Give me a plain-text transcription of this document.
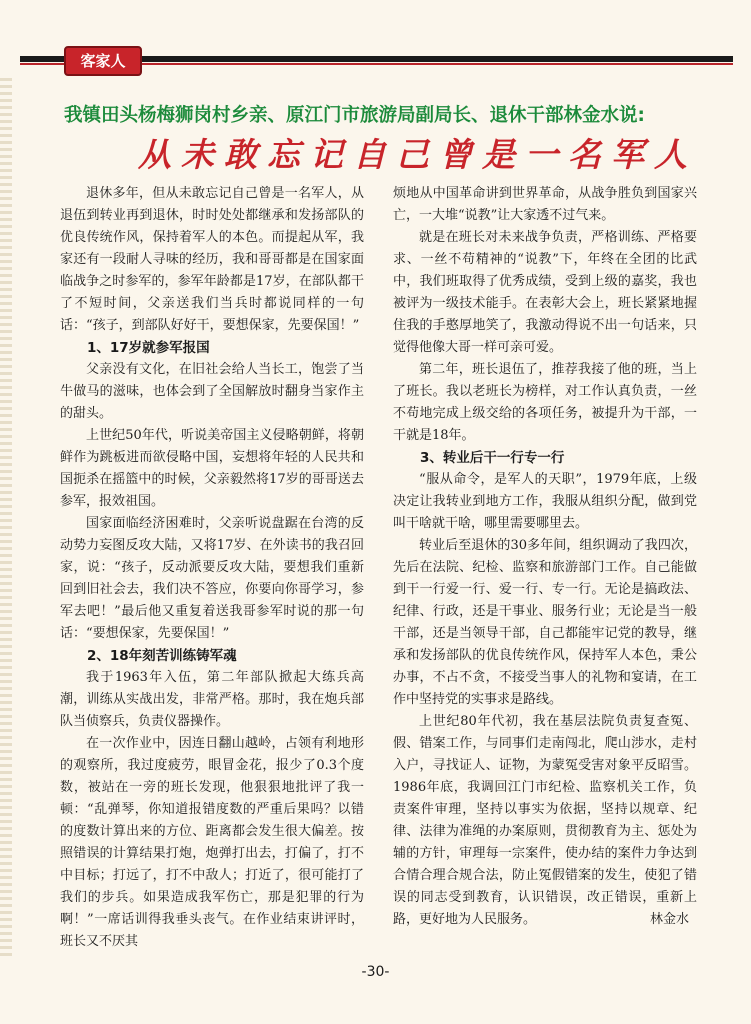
客家人
我镇田头杨梅狮岗村乡亲、原江门市旅游局副局长、退休干部林金水说:
从未敢忘记自己曾是一名军人

退休多年，但从未敢忘记自己曾是一名军人，从退伍到转业再到退休，时时处处都继承和发扬部队的优良传统作风，保持着军人的本色。而提起从军，我家还有一段耐人寻味的经历，我和哥哥都是在国家面临战争之时参军的，参军年龄都是17岁，在部队都干了不短时间，父亲送我们当兵时都说同样的一句话：“孩子，到部队好好干，要想保家，先要保国！”

1、17岁就参军报国

父亲没有文化，在旧社会给人当长工，饱尝了当牛做马的滋味，也体会到了全国解放时翻身当家作主的甜头。

上世纪50年代，听说美帝国主义侵略朝鲜，将朝鲜作为跳板进而欲侵略中国，妄想将年轻的人民共和国扼杀在摇篮中的时候，父亲毅然将17岁的哥哥送去参军，报效祖国。

国家面临经济困难时，父亲听说盘踞在台湾的反动势力妄图反攻大陆，又将17岁、在外读书的我召回家，说：“孩子，反动派要反攻大陆，要想我们重新回到旧社会去，我们决不答应，你要向你哥学习，参军去吧！”最后他又重复着送我哥参军时说的那一句话：“要想保家，先要保国！”

2、18年刻苦训练铸军魂

我于1963年入伍，第二年部队掀起大练兵高潮，训练从实战出发，非常严格。那时，我在炮兵部队当侦察兵，负责仪器操作。

在一次作业中，因连日翻山越岭，占领有利地形的观察所，我过度疲劳，眼冒金花，报少了0.3个度数，被站在一旁的班长发现，他狠狠地批评了我一顿：“乱弹琴，你知道报错度数的严重后果吗？以错的度数计算出来的方位、距离都会发生很大偏差。按照错误的计算结果打炮，炮弹打出去，打偏了，打不中目标；打远了，打不中敌人；打近了，很可能打了我们的步兵。如果造成我军伤亡，那是犯罪的行为啊！”一席话训得我垂头丧气。在作业结束讲评时，班长又不厌其

烦地从中国革命讲到世界革命，从战争胜负到国家兴亡，一大堆“说教”让大家透不过气来。

就是在班长对未来战争负责，严格训练、严格要求、一丝不苟精神的“说教”下，年终在全团的比武中，我们班取得了优秀成绩，受到上级的嘉奖，我也被评为一级技术能手。在表彰大会上，班长紧紧地握住我的手憨厚地笑了，我激动得说不出一句话来，只觉得他像大哥一样可亲可爱。

第二年，班长退伍了，推荐我接了他的班，当上了班长。我以老班长为榜样，对工作认真负责，一丝不苟地完成上级交给的各项任务，被提升为干部，一干就是18年。

3、转业后干一行专一行

“服从命令，是军人的天职”，1979年底，上级决定让我转业到地方工作，我服从组织分配，做到党叫干啥就干啥，哪里需要哪里去。

转业后至退休的30多年间，组织调动了我四次，先后在法院、纪检、监察和旅游部门工作。自己能做到干一行爱一行、爱一行、专一行。无论是搞政法、纪律、行政，还是干事业、服务行业；无论是当一般干部，还是当领导干部，自己都能牢记党的教导，继承和发扬部队的优良传统作风，保持军人本色，秉公办事，不占不贪，不接受当事人的礼物和宴请，在工作中坚持党的实事求是路线。

上世纪80年代初，我在基层法院负责复查冤、假、错案工作，与同事们走南闯北，爬山涉水，走村入户，寻找证人、证物，为蒙冤受害对象平反昭雪。1986年底，我调回江门市纪检、监察机关工作，负责案件审理，坚持以事实为依据，坚持以规章、纪律、法律为准绳的办案原则，贯彻教育为主、惩处为辅的方针，审理每一宗案件，使办结的案件力争达到合情合理合规合法，防止冤假错案的发生，使犯了错误的同志受到教育，认识错误，改正错误，重新上路，更好地为人民服务。	林金水

-30-
